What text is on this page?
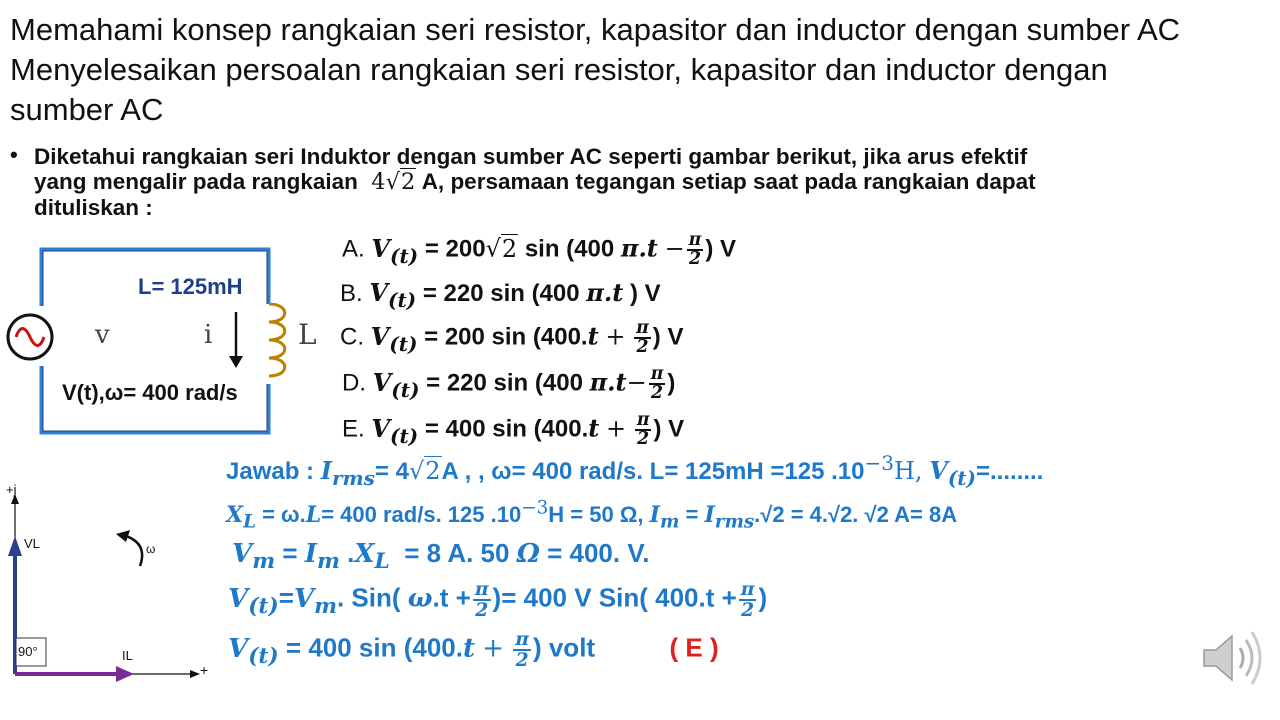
Memahami konsep rangkaian seri resistor, kapasitor dan inductor dengan sumber AC
Menyelesaikan persoalan rangkaian seri resistor, kapasitor dan inductor dengan
sumber AC
• Diketahui rangkaian seri Induktor dengan sumber AC seperti gambar berikut, jika arus efektif
yang mengalir pada rangkaian  4√2 A, persamaan tegangan setiap saat pada rangkaian dapat
dituliskan :
L= 125mH
v	i	L
V(t),ω= 400 rad/s
A. $V_{(t)} = 200√2$ sin (400 $\pi.t - \frac{\pi}{2}$ ) V
B. $V_{(t)} = 220$ sin (400 π.t ) V
C. $V_{(t)} = 200$ $\sin (400.t + \frac{\pi}{2}$ ) V
D. $V_{(t)} = 220$ sin (400 $\pi.t- \frac{\pi}{2}$ )
E. $V_{(t)} = 400$ $\sin (400.t + \frac{\pi}{2}$ ) V
+j
VL	ω
90°	IL
+
Jawab : $I_{rms}= 4√2A$ , , ω= 400 rad/s. L= 125mH =125 $.10^{-3}H$, $V_{(t)}=$........
$X_L = \omega.L= 400$ rad/s. 125 $.10^{-3}H = 50$ Ω, $I_m = I_{rms}.√2 = 4.√2$. √2 A= 8A
$V_m = I_m$ $.X_L = 8$ A. 50 Ω = 400. V.
$V_{(t)}=V_m$. Sin( $\omega.t + \frac{\pi}{2}$ )= 400 V Sin( $400.t + \frac{\pi}{2}$ )
$V_{(t)} = 400$ $\sin (400.t + \frac{\pi}{2}$ ) volt	( E )
